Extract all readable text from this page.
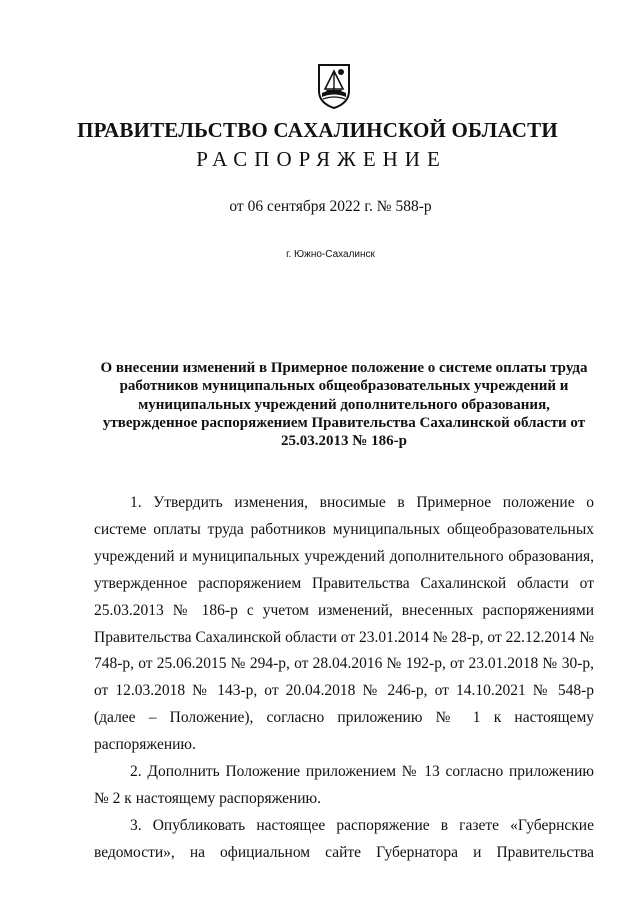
ПРАВИТЕЛЬСТВО САХАЛИНСКОЙ ОБЛАСТИ
РАСПОРЯЖЕНИЕ
от 06 сентября 2022 г. № 588-р
г. Южно-Сахалинск
О внесении изменений в Примерное положение о системе оплаты труда работников муниципальных общеобразовательных учреждений и муниципальных учреждений дополнительного образования, утвержденное распоряжением Правительства Сахалинской области от 25.03.2013 № 186-р

1. Утвердить изменения, вносимые в Примерное положение о системе оплаты труда работников муниципальных общеобразовательных учреждений и муниципальных учреждений дополнительного образования, утвержденное распоряжением Правительства Сахалинской области от 25.03.2013 № 186-р с учетом изменений, внесенных распоряжениями Правительства Сахалинской области от 23.01.2014 № 28-р, от 22.12.2014 № 748-р, от 25.06.2015 № 294-р, от 28.04.2016 № 192-р, от 23.01.2018 № 30-р, от 12.03.2018 № 143-р, от 20.04.2018 № 246-р, от 14.10.2021 № 548-р (далее – Положение), согласно приложению № 1 к настоящему распоряжению.

2. Дополнить Положение приложением № 13 согласно приложению № 2 к настоящему распоряжению.

3. Опубликовать настоящее распоряжение в газете «Губернские ведомости», на официальном сайте Губернатора и Правительства
